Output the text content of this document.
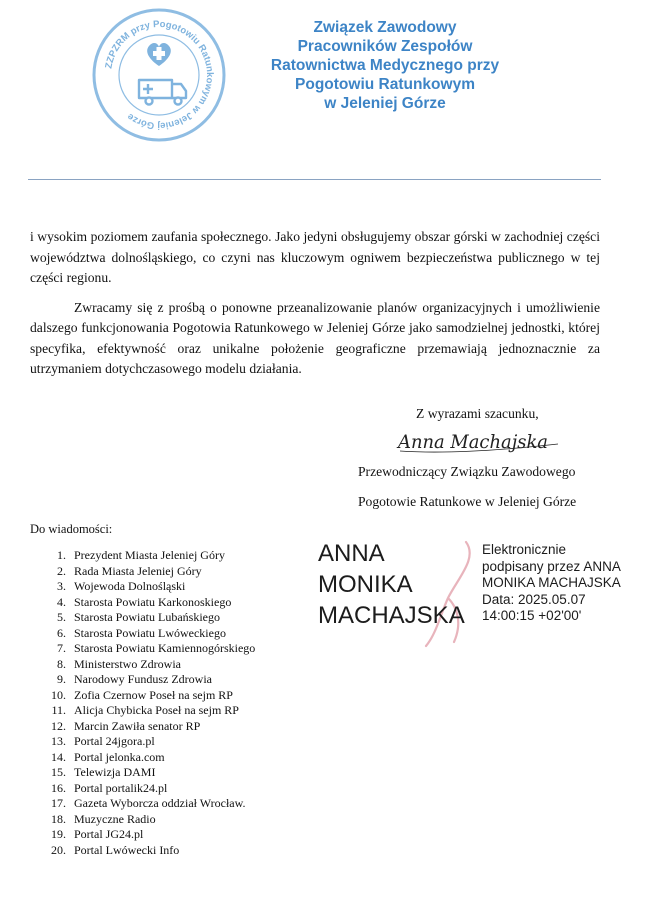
ZZPZRM przy Pogotowiu Ratunkowym w Jeleniej Górze
Związek Zawodowy
Pracowników Zespołów
Ratownictwa Medycznego przy
Pogotowiu Ratunkowym
w Jeleniej Górze

i wysokim poziomem zaufania społecznego. Jako jedyni obsługujemy obszar górski w zachodniej części województwa dolnośląskiego, co czyni nas kluczowym ogniwem bezpieczeństwa publicznego w tej części regionu.

Zwracamy się z prośbą o ponowne przeanalizowanie planów organizacyjnych i umożliwienie dalszego funkcjonowania Pogotowia Ratunkowego w Jeleniej Górze jako samodzielnej jednostki, której specyfika, efektywność oraz unikalne położenie geograficzne przemawiają jednoznacznie za utrzymaniem dotychczasowego modelu działania.

Z wyrazami szacunku,
Anna Machajska
Przewodniczący Związku Zawodowego
Pogotowie Ratunkowe w Jeleniej Górze
Do wiadomości:
1. Prezydent Miasta Jeleniej Góry
2. Rada Miasta Jeleniej Góry
3. Wojewoda Dolnośląski
4. Starosta Powiatu Karkonoskiego
5. Starosta Powiatu Lubańskiego
6. Starosta Powiatu Lwóweckiego
7. Starosta Powiatu Kamiennogórskiego
8. Ministerstwo Zdrowia
9. Narodowy Fundusz Zdrowia
10. Zofia Czernow Poseł na sejm RP
11. Alicja Chybicka Poseł na sejm RP
12. Marcin Zawiła senator RP
13. Portal 24jgora.pl
14. Portal jelonka.com
15. Telewizja DAMI
16. Portal portalik24.pl
17. Gazeta Wyborcza oddział Wrocław.
18. Muzyczne Radio
19. Portal JG24.pl
20. Portal Lwówecki Info
ANNA
MONIKA
MACHAJSKA
Elektronicznie
podpisany przez ANNA
MONIKA MACHAJSKA
Data: 2025.05.07
14:00:15 +02'00'
